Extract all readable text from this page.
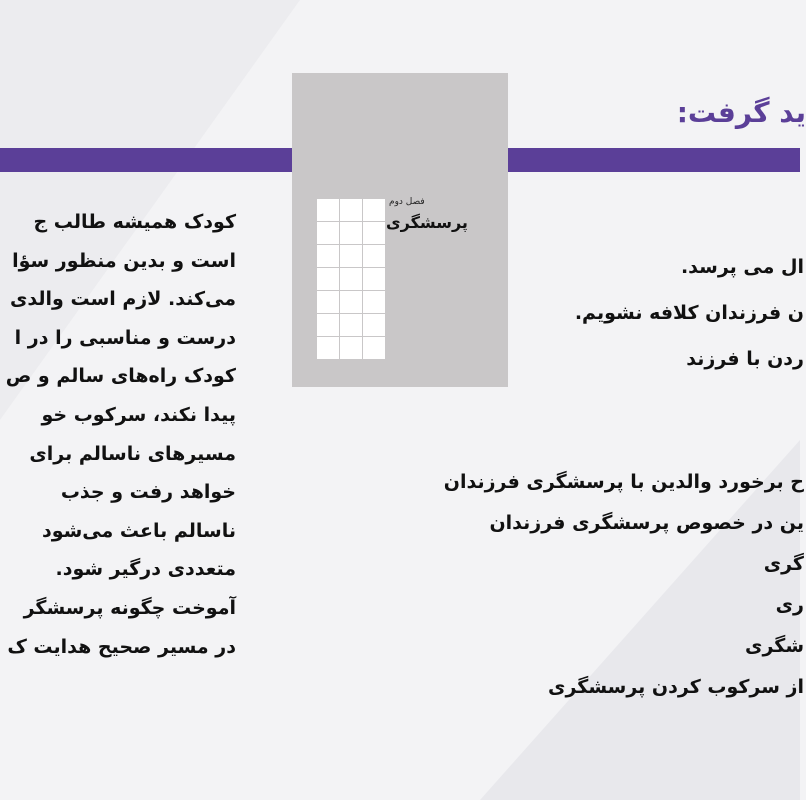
ید گرفت:
کودک همیشه طالب ج
است و بدین منظور سؤا
می‌کند. لازم است والدی
درست و مناسبی را در ا
کودک راه‌های سالم و ص
پیدا نکند، سرکوب خو
مسیرهای ناسالم برای
خواهد رفت و جذب
ناسالم باعث می‌شود
متعددی درگیر شود.
آموخت چگونه پرسشگر
در مسیر صحیح هدایت ک

فصل دوم
پرسشگری
ال می پرسد.
ن فرزندان کلافه نشویم.
ردن با فرزند
ح برخورد والدین با پرسشگری فرزندان
ین در خصوص پرسشگری فرزندان
گری
ری
شگری
از سرکوب کردن پرسشگری
